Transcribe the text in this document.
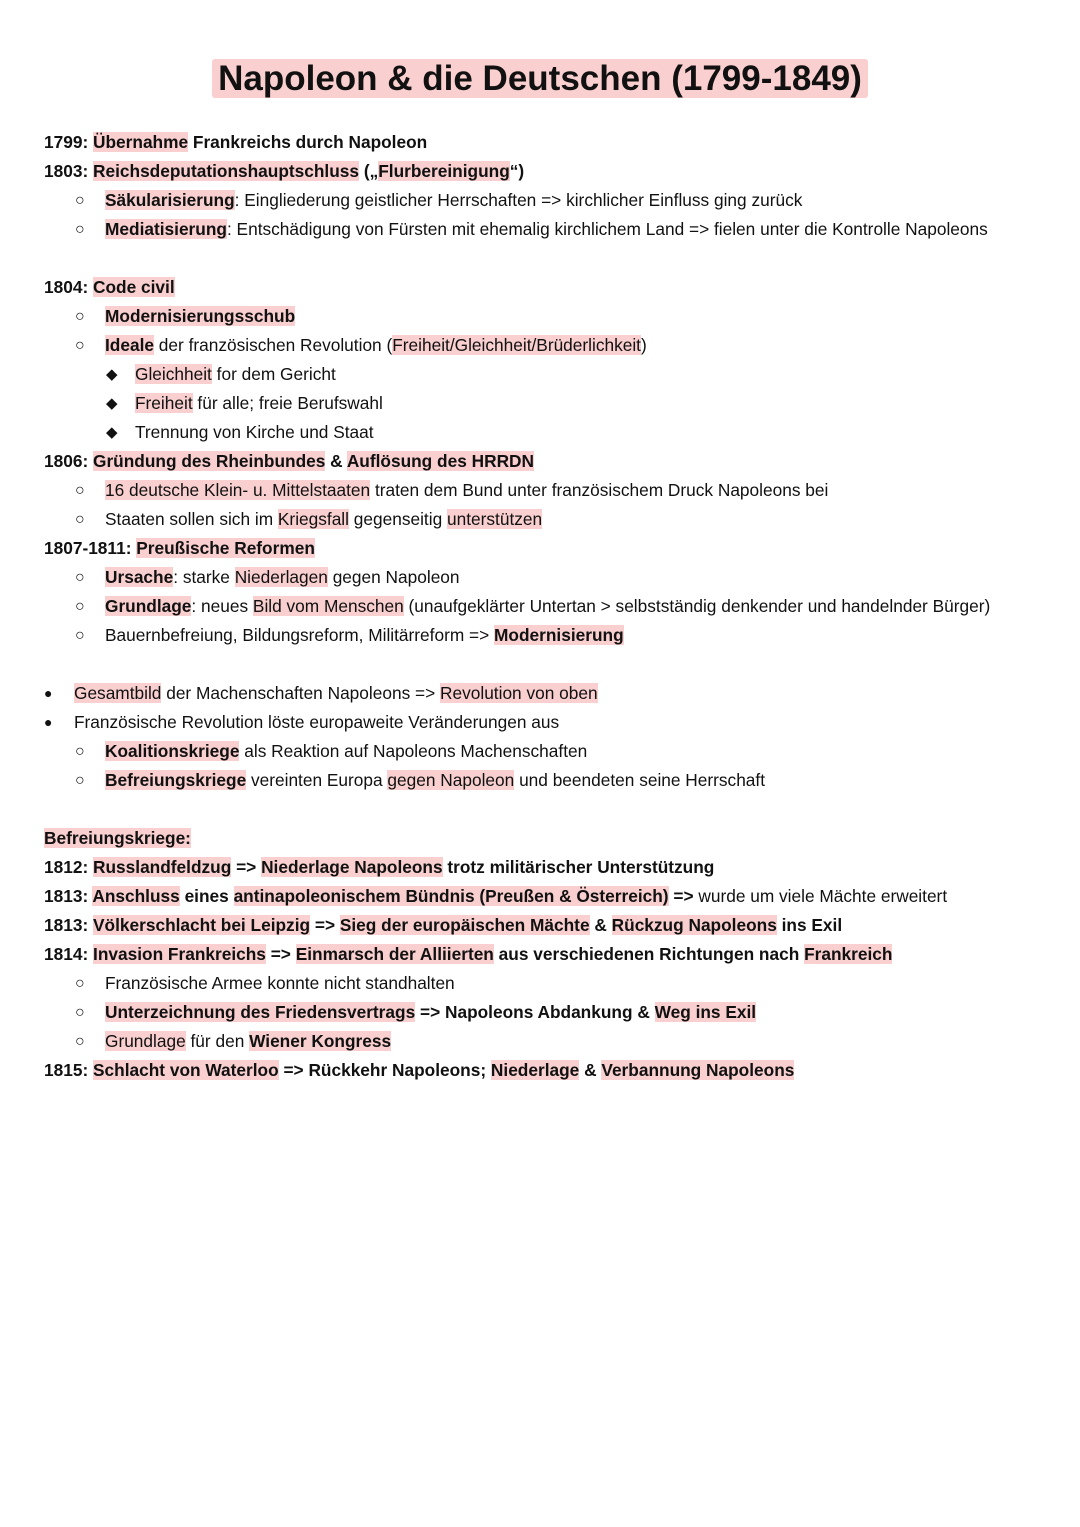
Napoleon & die Deutschen (1799-1849)
1799: Übernahme Frankreichs durch Napoleon
1803: Reichsdeputationshauptschluss („Flurbereinigung“)
○ Säkularisierung: Eingliederung geistlicher Herrschaften => kirchlicher Einfluss ging zurück
○ Mediatisierung: Entschädigung von Fürsten mit ehemalig kirchlichem Land => fielen unter die Kontrolle Napoleons
1804: Code civil
○ Modernisierungsschub
○ Ideale der französischen Revolution (Freiheit/Gleichheit/Brüderlichkeit)
◆ Gleichheit for dem Gericht
◆ Freiheit für alle; freie Berufswahl
◆ Trennung von Kirche und Staat
1806: Gründung des Rheinbundes & Auflösung des HRRDN
○ 16 deutsche Klein- u. Mittelstaaten traten dem Bund unter französischem Druck Napoleons bei
○ Staaten sollen sich im Kriegsfall gegenseitig unterstützen
1807-1811: Preußische Reformen
○ Ursache: starke Niederlagen gegen Napoleon
○ Grundlage: neues Bild vom Menschen (unaufgeklärter Untertan > selbstständig denkender und handelnder Bürger)
○ Bauernbefreiung, Bildungsreform, Militärreform => Modernisierung
● Gesamtbild der Machenschaften Napoleons => Revolution von oben
● Französische Revolution löste europaweite Veränderungen aus
○ Koalitionskriege als Reaktion auf Napoleons Machenschaften
○ Befreiungskriege vereinten Europa gegen Napoleon und beendeten seine Herrschaft
Befreiungskriege:
1812: Russlandfeldzug => Niederlage Napoleons trotz militärischer Unterstützung
1813: Anschluss eines antinapoleonischem Bündnis (Preußen & Österreich) => wurde um viele Mächte erweitert
1813: Völkerschlacht bei Leipzig => Sieg der europäischen Mächte & Rückzug Napoleons ins Exil
1814: Invasion Frankreichs => Einmarsch der Alliierten aus verschiedenen Richtungen nach Frankreich
○ Französische Armee konnte nicht standhalten
○ Unterzeichnung des Friedensvertrags => Napoleons Abdankung & Weg ins Exil
○ Grundlage für den Wiener Kongress
1815: Schlacht von Waterloo => Rückkehr Napoleons; Niederlage & Verbannung Napoleons
